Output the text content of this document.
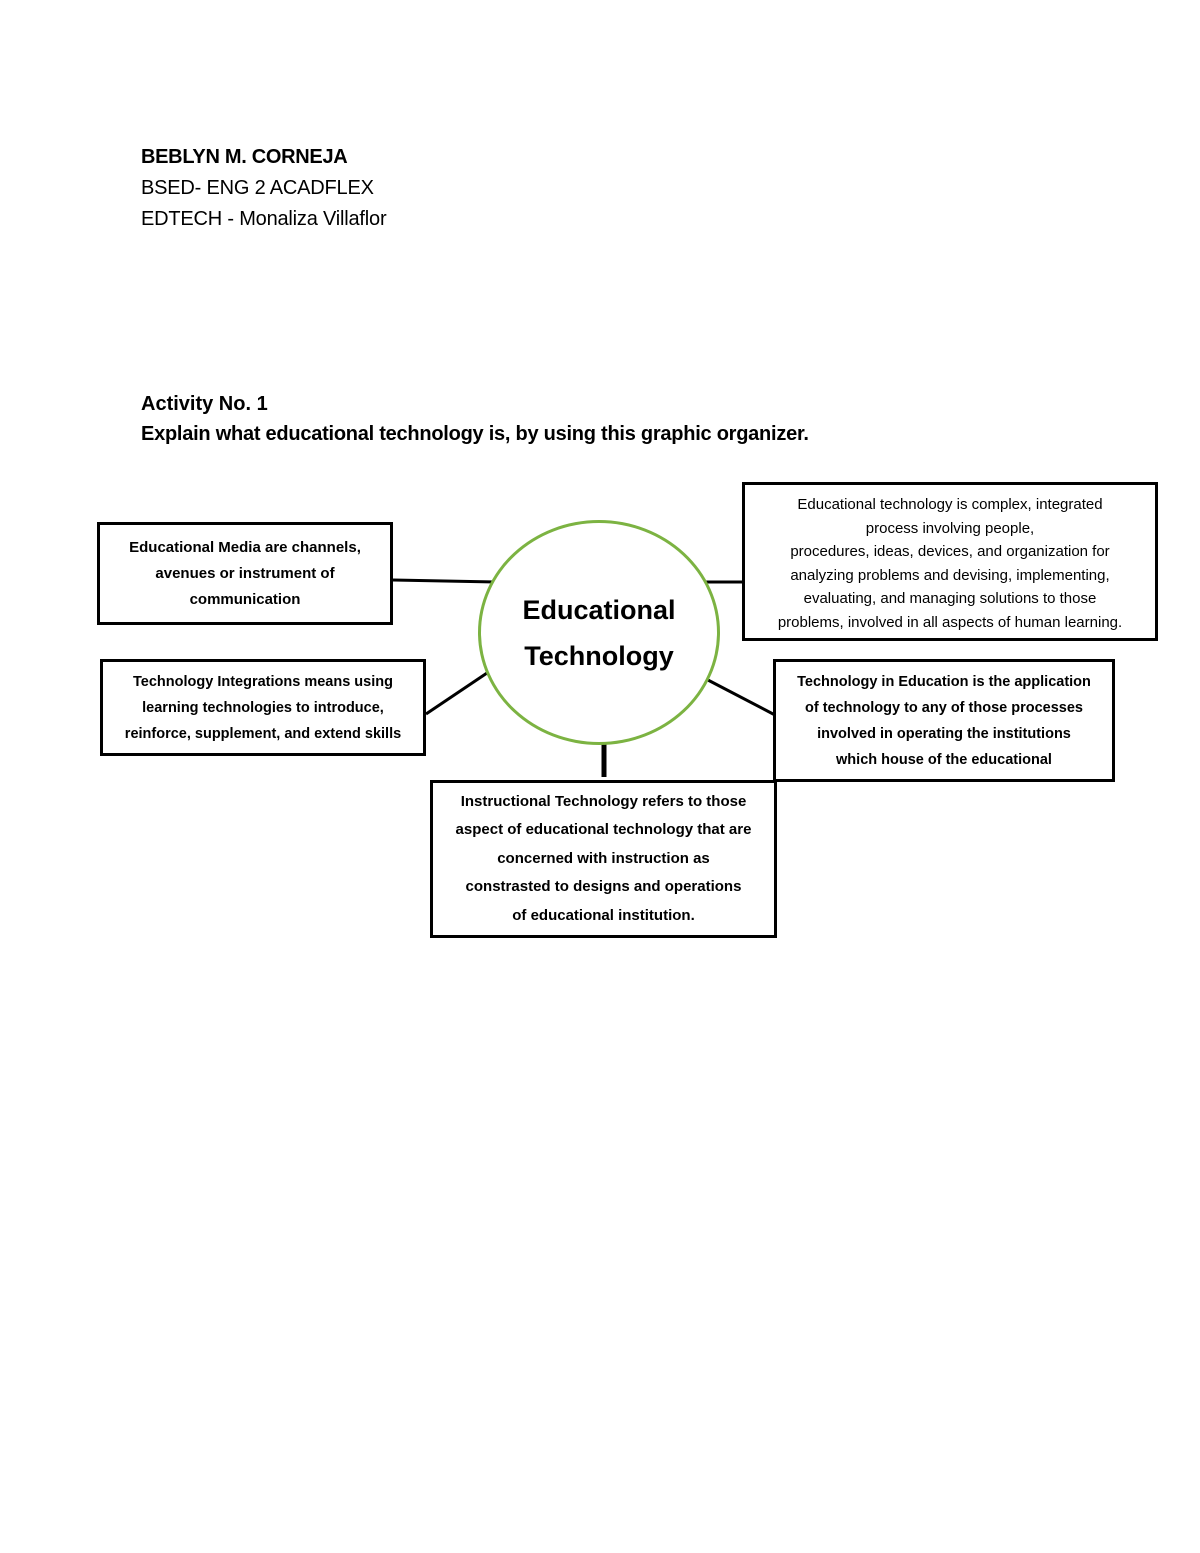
BEBLYN M. CORNEJA
BSED- ENG 2 ACADFLEX
EDTECH - Monaliza Villaflor
Activity No. 1
Explain what educational technology is, by using this graphic organizer.
Educational Media are channels,
avenues or instrument of
communication
Technology Integrations means using
learning technologies to introduce,
reinforce, supplement, and extend skills
Educational technology is complex, integrated
process involving people,
procedures, ideas, devices, and organization for
analyzing problems and devising, implementing,
evaluating, and managing solutions to those
problems, involved in all aspects of human learning.
Technology in Education is the application
of technology to any of those processes
involved in operating the institutions
which house of the educational
Instructional Technology refers to those
aspect of educational technology that are
concerned with instruction as
constrasted to designs and operations
of educational institution.
Educational
Technology
